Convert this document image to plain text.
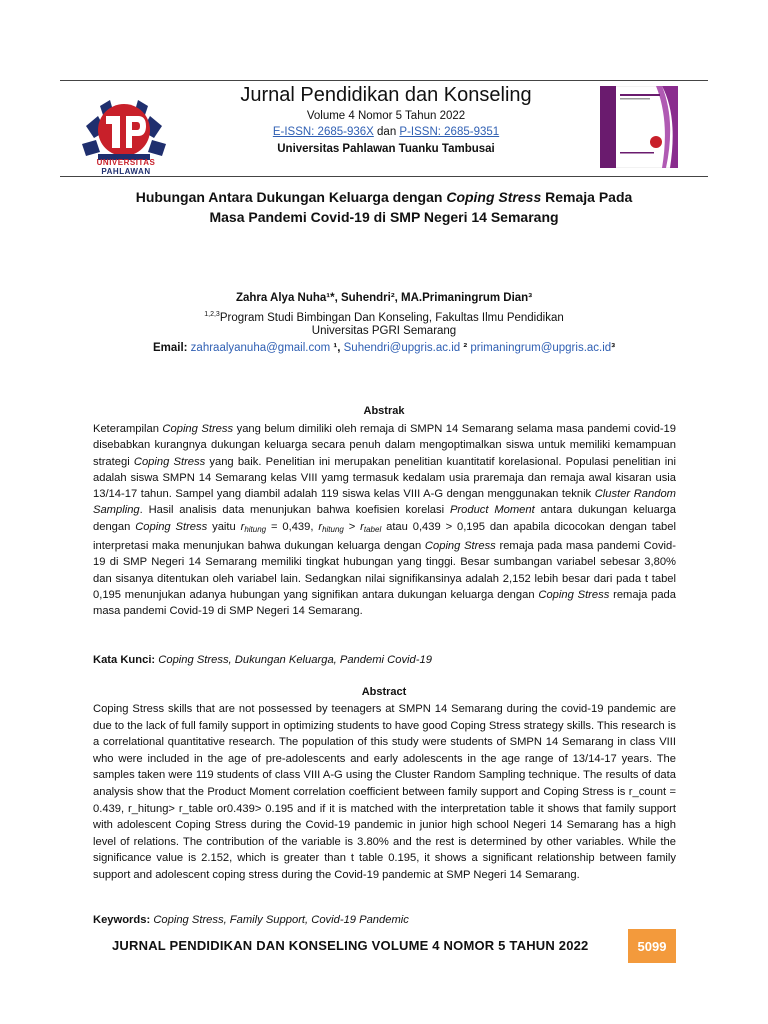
UNIVERSITAS
PAHLAWAN
Jurnal Pendidikan dan Konseling
Volume 4 Nomor 5 Tahun 2022
E-ISSN: 2685-936X dan P-ISSN: 2685-9351
Universitas Pahlawan Tuanku Tambusai
Hubungan Antara Dukungan Keluarga dengan Coping Stress Remaja Pada
Masa Pandemi Covid-19 di SMP Negeri 14 Semarang
Zahra Alya Nuha¹*, Suhendri², MA.Primaningrum Dian³
$^{1,2,3}$Program Studi Bimbingan Dan Konseling, Fakultas Ilmu Pendidikan
Universitas PGRI Semarang
Email: zahraalyanuha@gmail.com ¹, Suhendri@upgris.ac.id ² primaningrum@upgris.ac.id³
Abstrak

Keterampilan Coping Stress yang belum dimiliki oleh remaja di SMPN 14 Semarang selama masa pandemi covid-19 disebabkan kurangnya dukungan keluarga secara penuh dalam mengoptimalkan siswa untuk memiliki kemampuan strategi Coping Stress yang baik. Penelitian ini merupakan penelitian kuantitatif korelasional. Populasi penelitian ini adalah siswa SMPN 14 Semarang kelas VIII yamg termasuk kedalam usia praremaja dan remaja awal kisaran usia 13/14-17 tahun. Sampel yang diambil adalah 119 siswa kelas VIII A-G dengan menggunakan teknik Cluster Random Sampling. Hasil analisis data menunjukan bahwa koefisien korelasi Product Moment antara dukungan keluarga dengan Coping Stress yaitu $r_{hitung} = 0,439$, $r_{hitung} > r_{tabel}$ atau 0,439 > 0,195 dan apabila dicocokan dengan tabel interpretasi maka menunjukan bahwa dukungan keluarga dengan Coping Stress remaja pada masa pandemi Covid-19 di SMP Negeri 14 Semarang memiliki tingkat hubungan yang tinggi. Besar sumbangan variabel sebesar 3,80% dan sisanya ditentukan oleh variabel lain. Sedangkan nilai signifikansinya adalah 2,152 lebih besar dari pada t tabel 0,195 menunjukan adanya hubungan yang signifikan antara dukungan keluarga dengan Coping Stress remaja pada masa pandemi Covid-19 di SMP Negeri 14 Semarang.

Kata Kunci: Coping Stress, Dukungan Keluarga, Pandemi Covid-19
Abstract

Coping Stress skills that are not possessed by teenagers at SMPN 14 Semarang during the covid-19 pandemic are due to the lack of full family support in optimizing students to have good Coping Stress strategy skills. This research is a correlational quantitative research. The population of this study were students of SMPN 14 Semarang in class VIII who were included in the age of pre-adolescents and early adolescents in the age range of 13/14-17 years. The samples taken were 119 students of class VIII A-G using the Cluster Random Sampling technique. The results of data analysis show that the Product Moment correlation coefficient between family support and Coping Stress is r_count = 0.439, r_hitung> r_table or0.439> 0.195 and if it is matched with the interpretation table it shows that family support with adolescent Coping Stress during the Covid-19 pandemic in junior high school Negeri 14 Semarang has a high level of relations. The contribution of the variable is 3.80% and the rest is determined by other variables. While the significance value is 2.152, which is greater than t table 0.195, it shows a significant relationship between family support and adolescent coping stress during the Covid-19 pandemic at SMP Negeri 14 Semarang.

Keywords: Coping Stress, Family Support, Covid-19 Pandemic
JURNAL PENDIDIKAN DAN KONSELING VOLUME 4 NOMOR 5 TAHUN 2022	5099
